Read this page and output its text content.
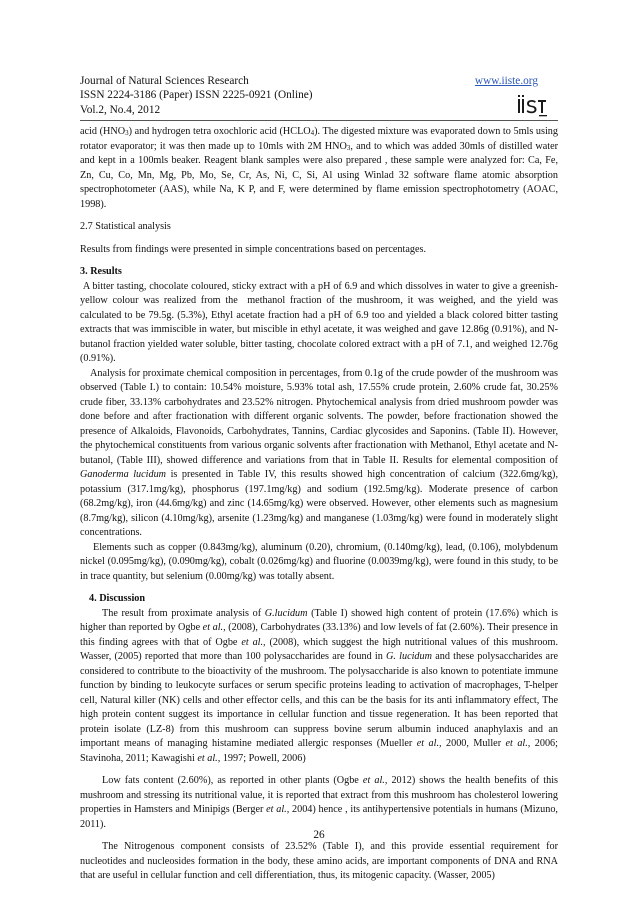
Journal of Natural Sciences Research
ISSN 2224-3186 (Paper) ISSN 2225-0921 (Online)
Vol.2, No.4, 2012
www.iiste.org

acid $(HNO_3)$ and hydrogen tetra oxochloric acid $(HCLO_4)$. The digested mixture was evaporated down to 5mls using rotator evaporator; it was then made up to 10mls with 2M $HNO_3$, and to which was added 30mls of distilled water and kept in a 100mls beaker. Reagent blank samples were also prepared , these sample were analyzed for: Ca, Fe, Zn, Cu, Co, Mn, Mg, Pb, Mo, Se, Cr, As, Ni, C, Si, Al using Winlad 32 software flame atomic absorption spectrophotometer (AAS), while Na, K P, and F, were determined by flame emission spectrophotometry (AOAC, 1998).

2.7 Statistical analysis

Results from findings were presented in simple concentrations based on percentages.

3. Results

A bitter tasting, chocolate coloured, sticky extract with a pH of 6.9 and which dissolves in water to give a greenish-yellow colour was realized from the  methanol fraction of the mushroom, it was weighed, and the yield was calculated to be 79.5g. (5.3%), Ethyl acetate fraction had a pH of 6.9 too and yielded a black colored bitter tasting extracts that was immiscible in water, but miscible in ethyl acetate, it was weighed and gave 12.86g (0.91%), and N-butanol fraction yielded water soluble, bitter tasting, chocolate colored extract with a pH of 7.1, and weighed 12.76g (0.91%).

Analysis for proximate chemical composition in percentages, from 0.1g of the crude powder of the mushroom was observed (Table I.) to contain: 10.54% moisture, 5.93% total ash, 17.55% crude protein, 2.60% crude fat, 30.25% crude fiber, 33.13% carbohydrates and 23.52% nitrogen. Phytochemical analysis from dried mushroom powder was done before and after fractionation with different organic solvents. The powder, before fractionation showed the presence of Alkaloids, Flavonoids, Carbohydrates, Tannins, Cardiac glycosides and Saponins. (Table II). However, the phytochemical constituents from various organic solvents after fractionation with Methanol, Ethyl acetate and N-butanol, (Table III), showed difference and variations from that in Table II. Results for elemental composition of Ganoderma lucidum is presented in Table IV, this results showed high concentration of calcium (322.6mg/kg), potassium (317.1mg/kg), phosphorus (197.1mg/kg) and sodium (192.5mg/kg). Moderate presence of carbon (68.2mg/kg), iron (44.6mg/kg) and zinc (14.65mg/kg) were observed. However, other elements such as magnesium (8.7mg/kg), silicon (4.10mg/kg), arsenite (1.23mg/kg) and manganese (1.03mg/kg) were found in moderately slight concentrations.

Elements such as copper (0.843mg/kg), aluminum (0.20), chromium, (0.140mg/kg), lead, (0.106), molybdenum nickel (0.095mg/kg), (0.090mg/kg), cobalt (0.026mg/kg) and fluorine (0.0039mg/kg), were found in this study, to be in trace quantity, but selenium (0.00mg/kg) was totally absent.

4. Discussion

The result from proximate analysis of G.lucidum (Table I) showed high content of protein (17.6%) which is higher than reported by Ogbe et al., (2008), Carbohydrates (33.13%) and low levels of fat (2.60%). Their presence in this finding agrees with that of Ogbe et al., (2008), which suggest the high nutritional values of this mushroom. Wasser, (2005) reported that more than 100 polysaccharides are found in G. lucidum and these polysaccharides are considered to contribute to the bioactivity of the mushroom. The polysaccharide is also known to potentiate immune function by binding to leukocyte surfaces or serum specific proteins leading to activation of macrophages, T-helper cell, Natural killer (NK) cells and other effector cells, and this can be the basis for its anti inflammatory effect, The high protein content suggest its importance in cellular function and tissue regeneration. It has been reported that protein isolate (LZ-8) from this mushroom can suppress bovine serum albumin induced anaphylaxis and an important means of managing histamine mediated allergic responses (Mueller et al., 2000, Muller et al., 2006; Stavinoha, 2011; Kawagishi et al., 1997; Powell, 2006)

Low fats content (2.60%), as reported in other plants (Ogbe et al., 2012) shows the health benefits of this mushroom and stressing its nutritional value, it is reported that extract from this mushroom has cholesterol lowering properties in Hamsters and Minipigs (Berger et al., 2004) hence , its antihypertensive potentials in humans (Mizuno, 2011).

The Nitrogenous component consists of 23.52% (Table I), and this provide essential requirement for nucleotides and nucleosides formation in the body, these amino acids, are important components of DNA and RNA that are useful in cellular function and cell differentiation, thus, its mitogenic capacity. (Wasser, 2005)

26
